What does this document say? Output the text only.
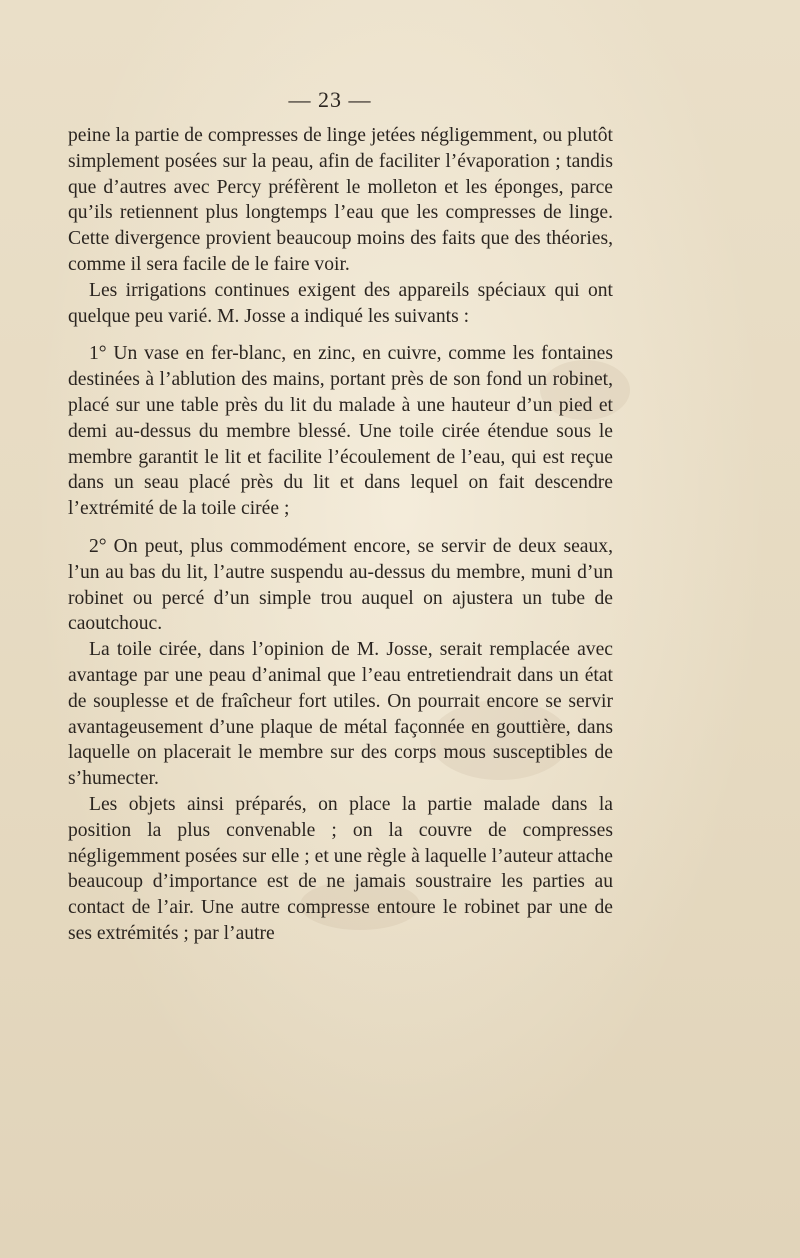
— 23 —

peine la partie de compresses de linge jetées négligemment, ou plutôt simplement posées sur la peau, afin de faciliter l’évaporation ; tandis que d’autres avec Percy préfèrent le molleton et les éponges, parce qu’ils retiennent plus longtemps l’eau que les compresses de linge. Cette divergence provient beaucoup moins des faits que des théories, comme il sera facile de le faire voir.

Les irrigations continues exigent des appareils spéciaux qui ont quelque peu varié. M. Josse a indiqué les suivants :

1° Un vase en fer-blanc, en zinc, en cuivre, comme les fontaines destinées à l’ablution des mains, portant près de son fond un robinet, placé sur une table près du lit du malade à une hauteur d’un pied et demi au-dessus du membre blessé. Une toile cirée étendue sous le membre garantit le lit et facilite l’écoulement de l’eau, qui est reçue dans un seau placé près du lit et dans lequel on fait descendre l’extrémité de la toile cirée ;

2° On peut, plus commodément encore, se servir de deux seaux, l’un au bas du lit, l’autre suspendu au-dessus du membre, muni d’un robinet ou percé d’un simple trou auquel on ajustera un tube de caoutchouc.

La toile cirée, dans l’opinion de M. Josse, serait remplacée avec avantage par une peau d’animal que l’eau entretiendrait dans un état de souplesse et de fraîcheur fort utiles. On pourrait encore se servir avantageusement d’une plaque de métal façonnée en gouttière, dans laquelle on placerait le membre sur des corps mous susceptibles de s’humecter.

Les objets ainsi préparés, on place la partie malade dans la position la plus convenable ; on la couvre de compresses négligemment posées sur elle ; et une règle à laquelle l’auteur attache beaucoup d’importance est de ne jamais soustraire les parties au contact de l’air. Une autre compresse entoure le robinet par une de ses extrémités ; par l’autre
